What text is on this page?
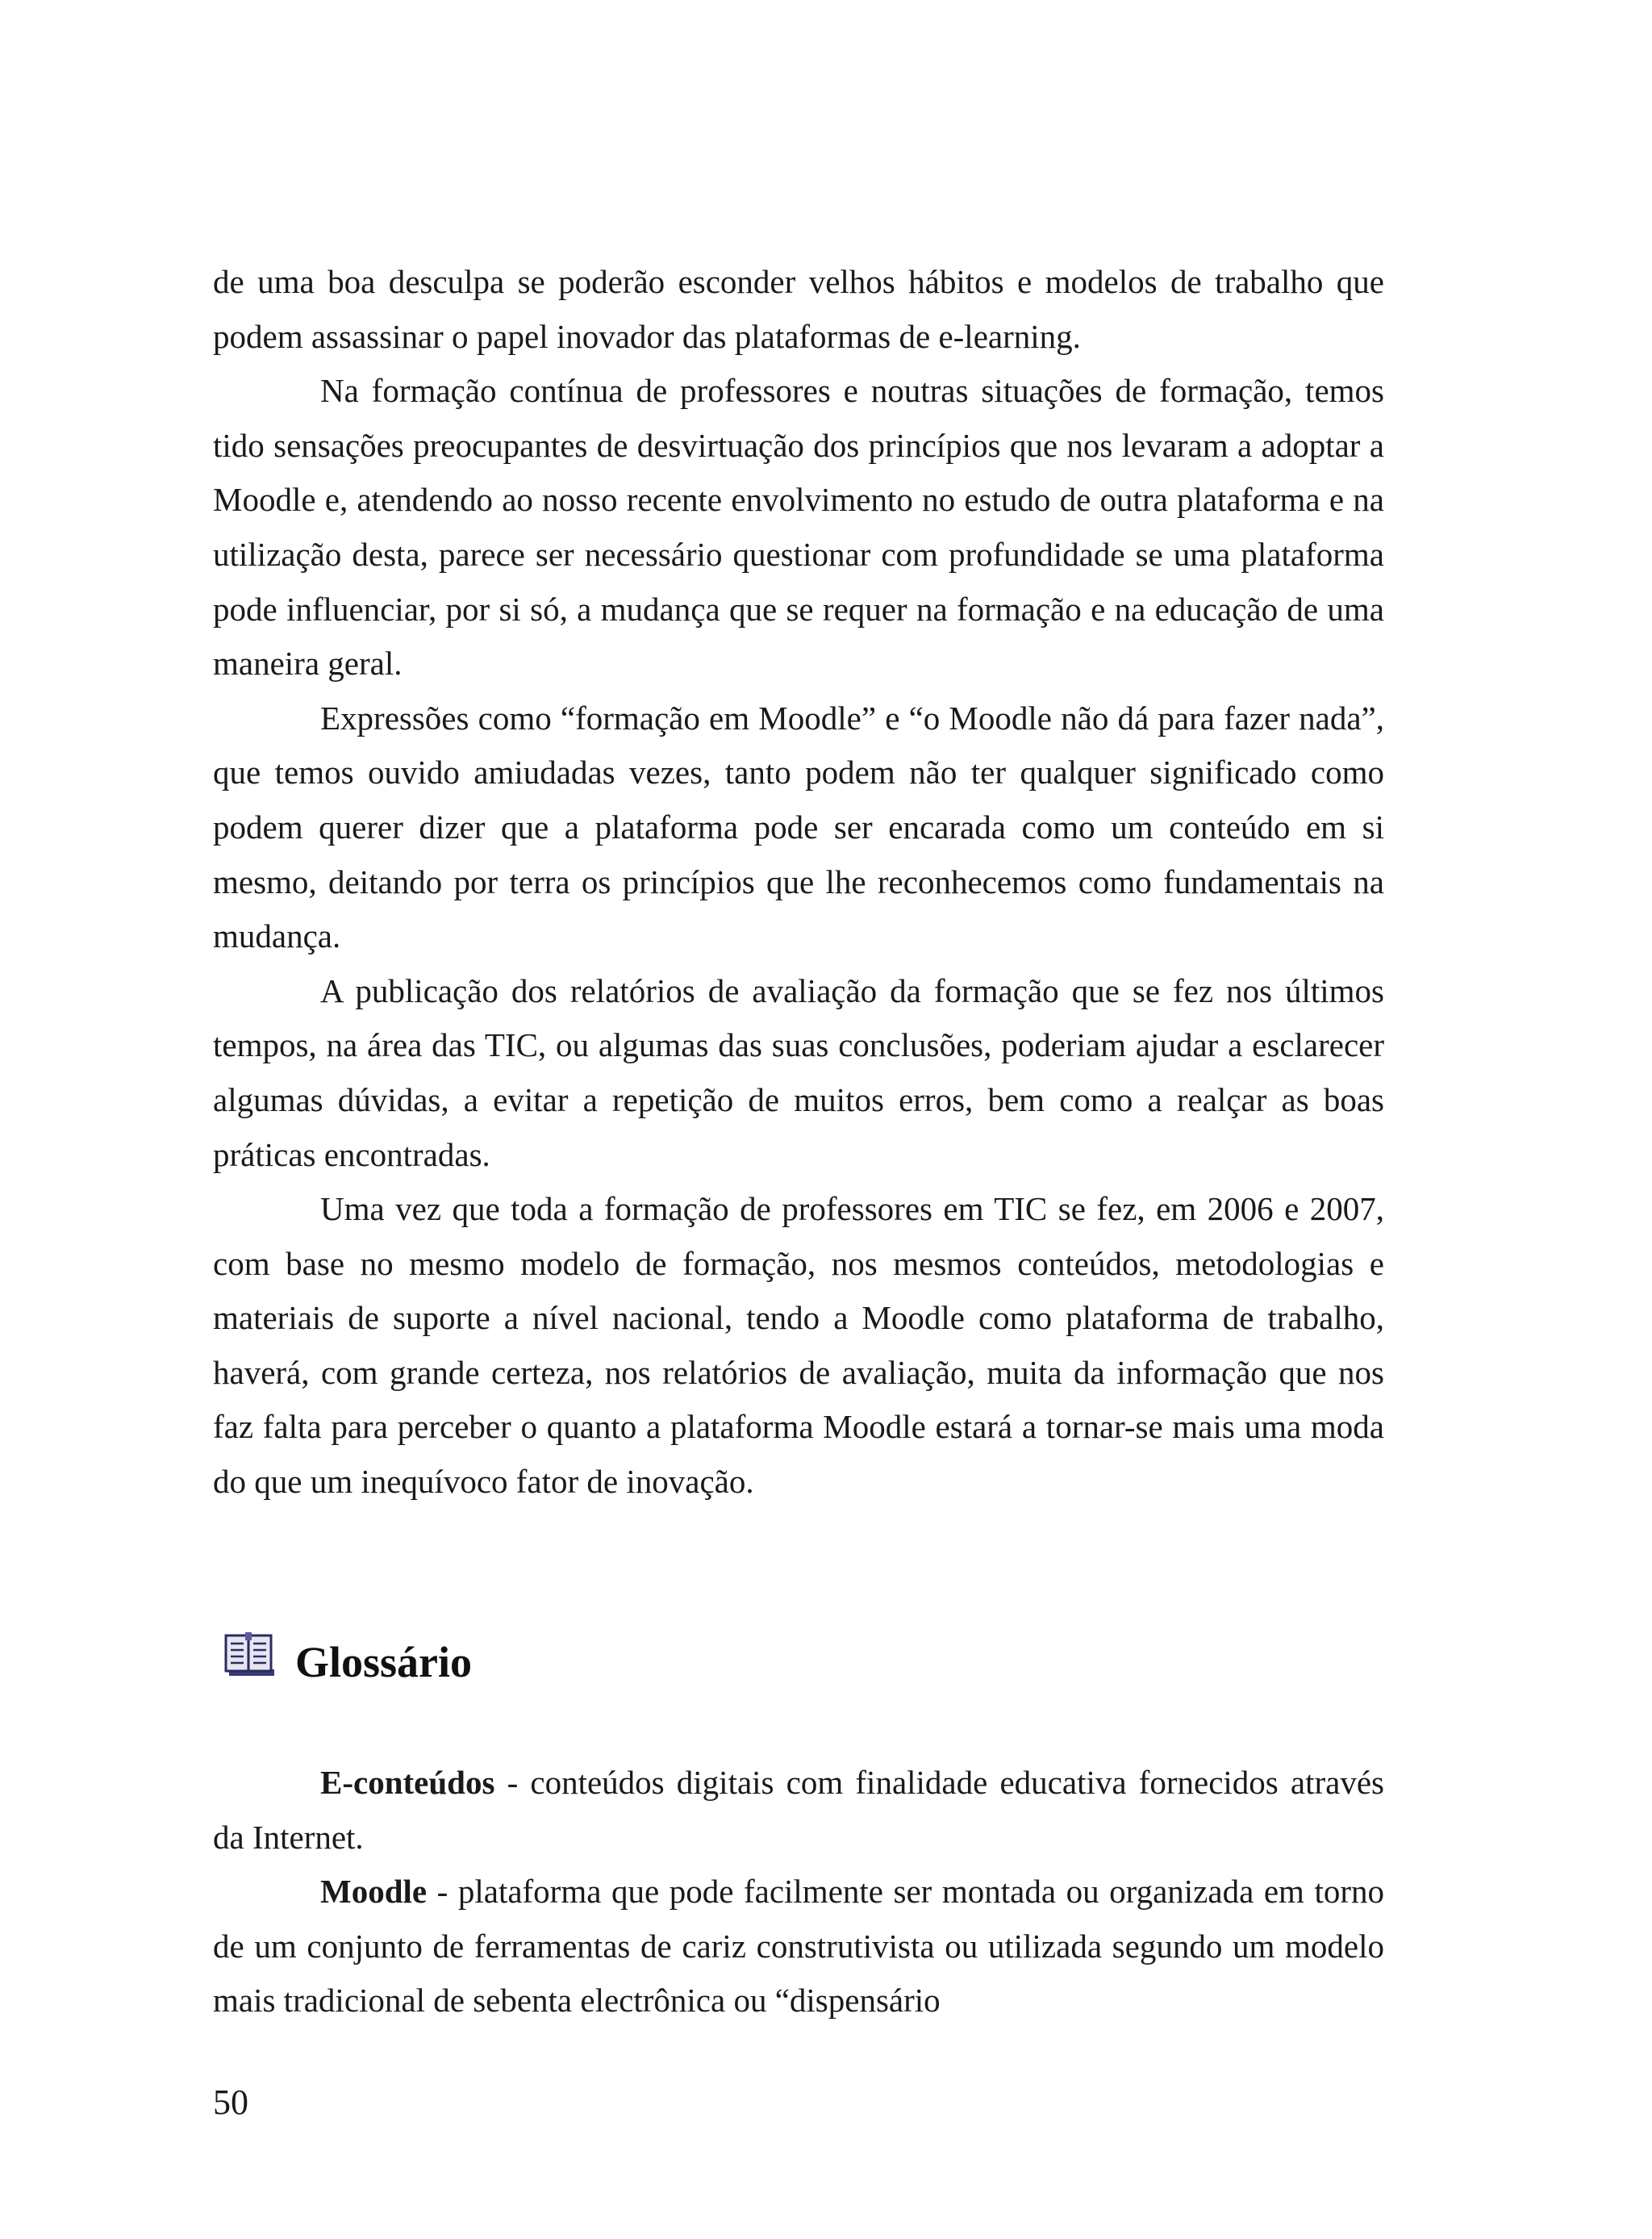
de uma boa desculpa se poderão esconder velhos hábitos e modelos de trabalho que podem assassinar o papel inovador das plataformas de e-learning.

Na formação contínua de professores e noutras situações de formação, temos tido sensações preocupantes de desvirtuação dos princípios que nos levaram a adoptar a Moodle e, atendendo ao nosso recente envolvimento no estudo de outra plataforma e na utilização desta, parece ser necessário questionar com profundidade se uma plataforma pode influenciar, por si só, a mudança que se requer na formação e na educação de uma maneira geral.

Expressões como “formação em Moodle” e “o Moodle não dá para fazer nada”, que temos ouvido amiudadas vezes, tanto podem não ter qualquer significado como podem querer dizer que a plataforma pode ser encarada como um conteúdo em si mesmo, deitando por terra os princípios que lhe reconhecemos como fundamentais na mudança.

A publicação dos relatórios de avaliação da formação que se fez nos últimos tempos, na área das TIC, ou algumas das suas conclusões, poderiam ajudar a esclarecer algumas dúvidas, a evitar a repetição de muitos erros, bem como a realçar as boas práticas encontradas.

Uma vez que toda a formação de professores em TIC se fez, em 2006 e 2007, com base no mesmo modelo de formação, nos mesmos conteúdos, metodologias e materiais de suporte a nível nacional, tendo a Moodle como plataforma de trabalho, haverá, com grande certeza, nos relatórios de avaliação, muita da informação que nos faz falta para perceber o quanto a plataforma Moodle estará a tornar-se mais uma moda do que um inequívoco fator de inovação.

Glossário

E-conteúdos - conteúdos digitais com finalidade educativa fornecidos através da Internet.

Moodle - plataforma que pode facilmente ser montada ou organizada em torno de um conjunto de ferramentas de cariz construtivista ou utilizada segundo um modelo mais tradicional de sebenta electrônica ou “dispensário

50
